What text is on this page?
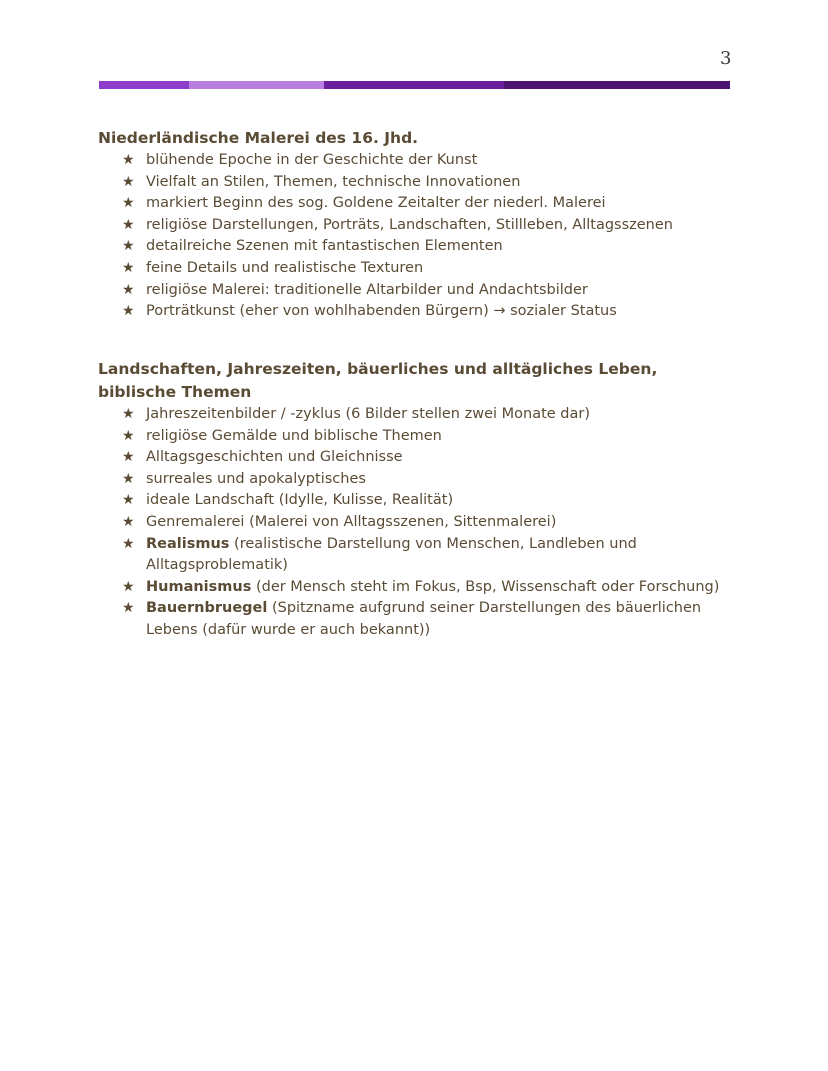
3
Niederländische Malerei des 16. Jhd.
★ blühende Epoche in der Geschichte der Kunst
★ Vielfalt an Stilen, Themen, technische Innovationen
★ markiert Beginn des sog. Goldene Zeitalter der niederl. Malerei
★ religiöse Darstellungen, Porträts, Landschaften, Stillleben, Alltagsszenen
★ detailreiche Szenen mit fantastischen Elementen
★ feine Details und realistische Texturen
★ religiöse Malerei: traditionelle Altarbilder und Andachtsbilder
★ Porträtkunst (eher von wohlhabenden Bürgern) → sozialer Status
Landschaften, Jahreszeiten, bäuerliches und alltägliches Leben, biblische Themen
★ Jahreszeitenbilder / -zyklus (6 Bilder stellen zwei Monate dar)
★ religiöse Gemälde und biblische Themen
★ Alltagsgeschichten und Gleichnisse
★ surreales und apokalyptisches
★ ideale Landschaft (Idylle, Kulisse, Realität)
★ Genremalerei (Malerei von Alltagsszenen, Sittenmalerei)
★ Realismus (realistische Darstellung von Menschen, Landleben und Alltagsproblematik)
★ Humanismus (der Mensch steht im Fokus, Bsp, Wissenschaft oder Forschung)
★ Bauernbruegel (Spitzname aufgrund seiner Darstellungen des bäuerlichen Lebens (dafür wurde er auch bekannt))
